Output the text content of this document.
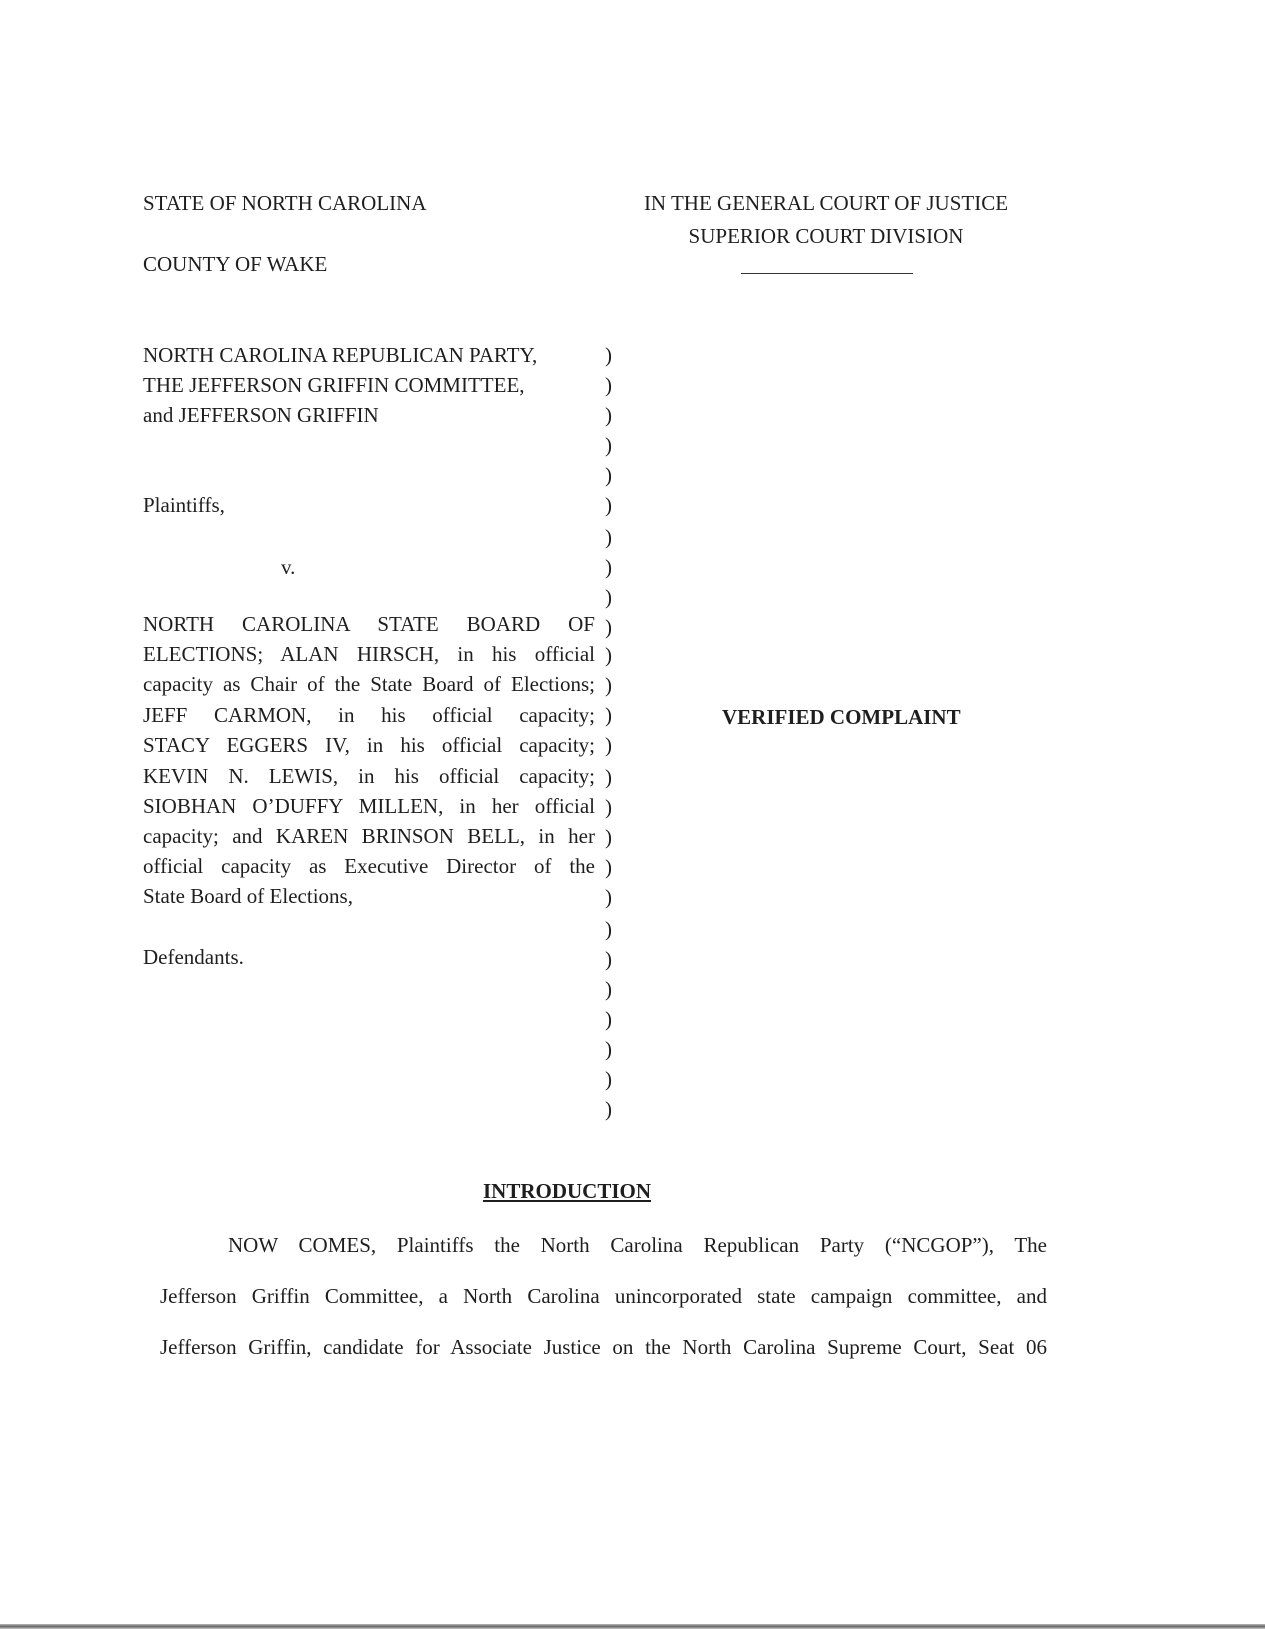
STATE OF NORTH CAROLINA
COUNTY OF WAKE
IN THE GENERAL COURT OF JUSTICE
SUPERIOR COURT DIVISION
NORTH CAROLINA REPUBLICAN PARTY,
THE JEFFERSON GRIFFIN COMMITTEE,
and JEFFERSON GRIFFIN
Plaintiffs,
v.
NORTH CAROLINA STATE BOARD OF
ELECTIONS; ALAN HIRSCH, in his official
capacity as Chair of the State Board of Elections;
JEFF CARMON, in his official capacity;
STACY EGGERS IV, in his official capacity;
KEVIN N. LEWIS, in his official capacity;
SIOBHAN O’DUFFY MILLEN, in her official
capacity; and KAREN BRINSON BELL, in her
official capacity as Executive Director of the
State Board of Elections,
Defendants.
)
)
)
)
)
)
)
)
)
)
)
)
)
)
)
)
)
)
)
)
)
)
)
)
)
)
VERIFIED COMPLAINT
INTRODUCTION
NOW COMES, Plaintiffs the North Carolina Republican Party (“NCGOP”), The
Jefferson Griffin Committee, a North Carolina unincorporated state campaign committee, and
Jefferson Griffin, candidate for Associate Justice on the North Carolina Supreme Court, Seat 06
